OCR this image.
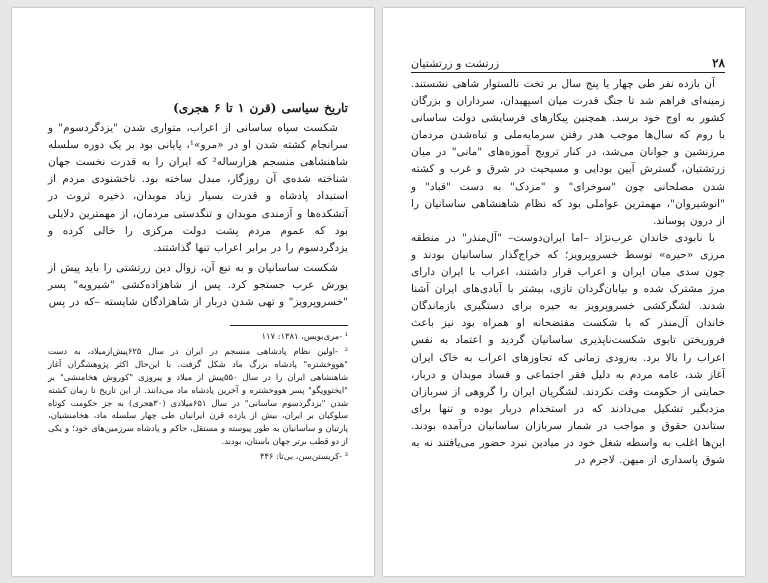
تاریخ سیاسی (قرن ۱ تا ۶ هجری)

شکست سپاه ساسانی از اعراب، متواری شدن "یزدگردسوم" و سرانجام کشته شدن او در «مرو»¹، پایانی بود بر یک دوره سلسله شاهنشاهی منسجم هزارساله² که ایران را به قدرت نخست جهان شناخته شده‌ی آن روزگار، مبدل ساخته بود. ناخشنودی مردم از استبداد پادشاه و قدرت بسیار زیاد موبدان، ذخیره ثروت در آتشکده‌ها و آزمندی موبدان و تنگدستی مردمان، از مهمترین دلایلی بود که عموم مردم پشت دولت مرکزی را خالی کرده و یزدگردسوم را در برابر اعراب تنها گذاشتند.

شکست ساسانیان و به تبع آن، زوال دین زرتشتی را باید پیش از یورش عرب جستجو کرد. پس از شاهزاده‌کشی "شیرویه" پسر "خسروپرویز" و تهی شدن دربار از شاهزادگان شایسته –که در پس

¹ -مری‌بویس، ۱۳۸۱: ۱۱۷

² -اولین نظام پادشاهی منسجم در ایران در سال ۶۲۵پیش‌ازمیلاد، به دست "هووخشتره" پادشاه بزرگ ماد شکل گرفت. با این‌حال اکثر پژوهشگران آغاز شاهنشاهی ایران را در سال ۵۵۰پیش از میلاد و پیروزی "کوروش هخامنشی" بر "ایختوویگو" پسر هووخشتره و آخرین پادشاه ماد می‌دانند. از این تاریخ تا زمان کشته شدن "یزدگردسوم ساسانی" در سال ۶۵۱میلادی (۳۰هجری) به جز حکومت کوتاه سلوکیان بر ایران، بیش از یازده قرن ایرانیان طی چهار سلسله ماد، هخامنشیان، پارتیان و ساسانیان به طور پیوسته و مستقل، حاکم و پادشاه سرزمین‌های خود؛ و یکی از دو قطب برتر جهان باستان، بودند.

³ -کریستن‌سن، بی‌تا: ۴۴۶

زرتشت و زرتشتیان	۲۸

آن بازده نفر طی چهار یا پنج سال بر تخت نالستوار شاهی نشستند. زمینه‌ای فراهم شد تا جنگ قدرت میان اسپهبدان، سرداران و بزرگان کشور به اوج خود برسد. همچنین پیکارهای فرسایشی دولت ساسانی با روم که سال‌ها موجب هدر رفتن سرمایه‌ملی و تباه‌شدن مردمان مرزنشین و جوانان می‌شد، در کنار ترویج آموزه‌های "مانی" در میان زرتشتیان، گسترش آیین بودایی و مسیحیت در شرق و غرب و کشته شدن مصلحانی چون "سوخرای" و "مزدک" به دست "قباد" و "انوشیروان"، مهمترین عواملی بود که نظام شاهنشاهی ساسانیان را از درون پوساند.

با نابودی خاندان عرب‌نژاد –اما ایران‌دوست– "آل‌منذر" در منطقه مرزی «حیره» توسط خسروپرویز؛ که خراج‌گذار ساسانیان بودند و چون سدی میان ایران و اعراب قرار داشتند، اعراب با ایران دارای مرز مشترک شده و بیابان‌گردان تازی، بیشتر با آبادی‌های ایران آشنا شدند. لشگرکشی خسروپرویز به حیره برای دستگیری بازماندگان خاندان آل‌منذر که با شکست مفتضحانه او همراه بود نیز باعث فروریختن تابوی شکست‌ناپذیری ساسانیان گردید و اعتماد به نفس اعراب را بالا برد. به‌زودی زمانی که تجاوزهای اعراب به خاک ایران آغاز شد، عامه مردم به دلیل فقر اجتماعی و فساد موبدان و دربار، حمایتی از حکومت وقت نکردند. لشگریان ایران را گروهی از سربازان مزدبگیر تشکیل می‌دادند که در استخدام دربار بوده و تنها برای ستاندن حقوق و مواجب در شمار سربازان ساسانیان درآمده بودند. این‌ها اغلب به واسطه شغل خود در میادین نبرد حضور می‌یافتند نه به شوق پاسداری از میهن. لاجرم در
